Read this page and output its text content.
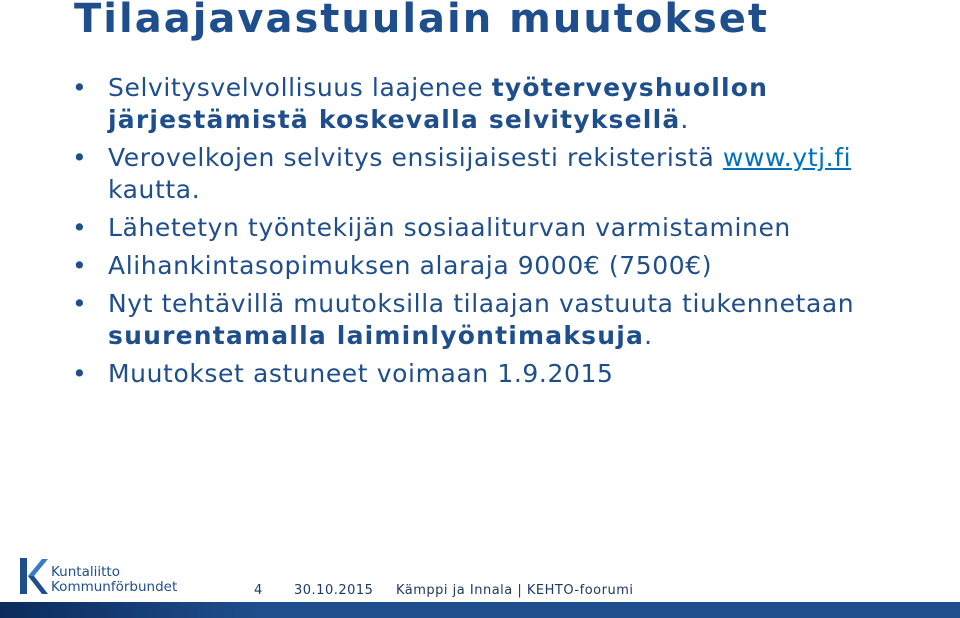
Tilaajavastuulain muutokset
• Selvitysvelvollisuus laajenee työterveyshuollon järjestämistä koskevalla selvityksellä.
• Verovelkojen selvitys ensisijaisesti rekisteristä www.ytj.fi kautta.
• Lähetetyn työntekijän sosiaaliturvan varmistaminen
• Alihankintasopimuksen alaraja 9000€ (7500€)
• Nyt tehtävillä muutoksilla tilaajan vastuuta tiukennetaan suurentamalla laiminlyöntimaksuja.
• Muutokset astuneet voimaan 1.9.2015
Kuntaliitto
Kommunförbundet	4 30.10.2015 Kämppi ja Innala | KEHTO-foorumi
